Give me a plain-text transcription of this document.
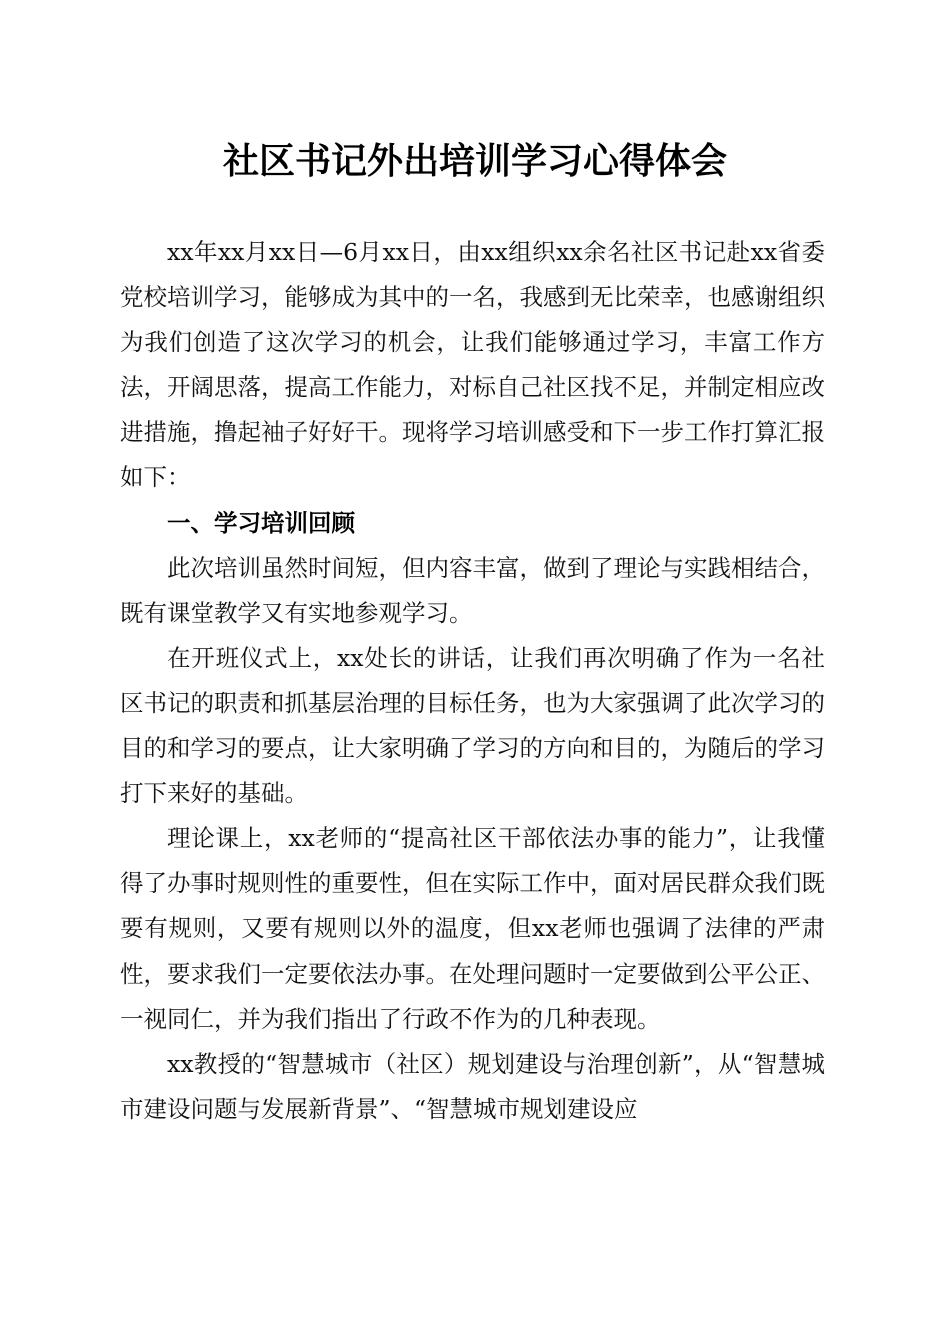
社区书记外出培训学习心得体会

xx年xx月xx日—6月xx日，由xx组织xx余名社区书记赴xx省委党校培训学习，能够成为其中的一名，我感到无比荣幸，也感谢组织为我们创造了这次学习的机会，让我们能够通过学习，丰富工作方法，开阔思落，提高工作能力，对标自己社区找不足，并制定相应改进措施，撸起袖子好好干。现将学习培训感受和下一步工作打算汇报如下：

一、学习培训回顾

此次培训虽然时间短，但内容丰富，做到了理论与实践相结合，既有课堂教学又有实地参观学习。

在开班仪式上，xx处长的讲话，让我们再次明确了作为一名社区书记的职责和抓基层治理的目标任务，也为大家强调了此次学习的目的和学习的要点，让大家明确了学习的方向和目的，为随后的学习打下来好的基础。

理论课上，xx老师的“提高社区干部依法办事的能力”，让我懂得了办事时规则性的重要性，但在实际工作中，面对居民群众我们既要有规则，又要有规则以外的温度，但xx老师也强调了法律的严肃性，要求我们一定要依法办事。在处理问题时一定要做到公平公正、一视同仁，并为我们指出了行政不作为的几种表现。

xx教授的“智慧城市（社区）规划建设与治理创新”，从“智慧城市建设问题与发展新背景”、“智慧城市规划建设应
